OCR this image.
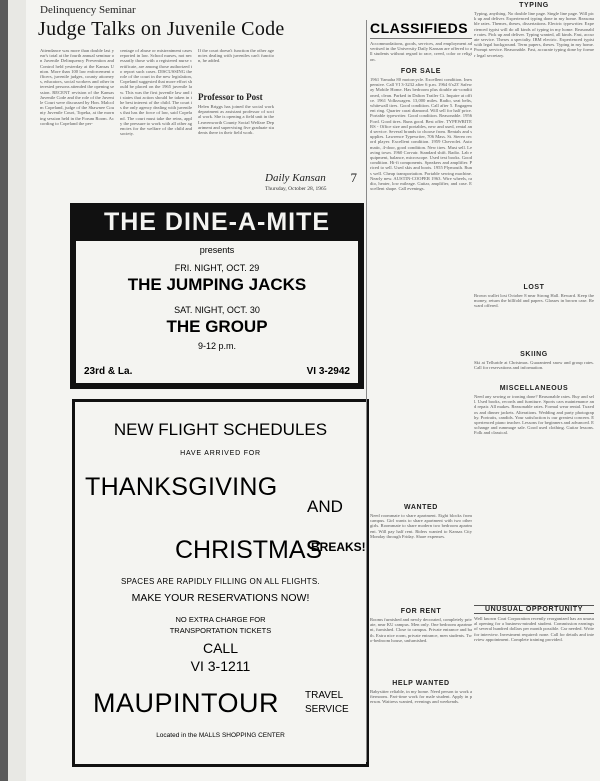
Delinquency Seminar
Judge Talks on Juvenile Code
Attendance was more than double last year's total at the fourth annual seminar on Juvenile Delinquency Prevention and Control held yesterday at the Kansas Union. More than 100 law enforcement officers, juvenile judges, county attorneys, educators, social workers and other interested persons attended the opening session. RECENT revision of the Kansas Juvenile Code and the role of the Juvenile Court were discussed by Hon. Malcolm Copeland, judge of the Shawnee County Juvenile Court, Topeka, at the morning session held in the Forum Room. According to Copeland the per-
centage of abuse or mistreatment cases reported in law. School nurses, not necessarily those with a registered nurse certificate, are among those authorized to report such cases. DISCUSSING the role of the court in the new legislation, Copeland suggested that more effort should be placed on the 1965 juvenile law. This was the first juvenile law and it states that action should be taken in the best interest of the child. The court is the only agency dealing with juveniles that has the force of law, said Copeland. The court must take the reins, apply the pressure to work with all other agencies for the welfare of the child and society.
If the court doesn't function the other agencies dealing with juveniles can't function, he added.
Professor to Post
Helen Briggs has joined the social work department as assistant professor of social work. She is opening a field unit in the Leavenworth County Social Welfare Department and supervising five graduate students there in their field work.
Daily Kansan	7
Thursday, October 28, 1965
THE DINE-A-MITE
presents
FRI. NIGHT, OCT. 29
THE JUMPING JACKS
SAT. NIGHT, OCT. 30
THE GROUP
9-12 p.m.
23rd & La.	VI 3-2942
NEW FLIGHT SCHEDULES
HAVE ARRIVED FOR
THANKSGIVING
AND
CHRISTMAS
BREAKS!
SPACES ARE RAPIDLY FILLING ON ALL FLIGHTS.
MAKE YOUR RESERVATIONS NOW!
NO EXTRA CHARGE FOR
TRANSPORTATION TICKETS
CALL
VI 3-1211
MAUPINTOUR	TRAVEL
SERVICE
Located in the MALLS SHOPPING CENTER
CLASSIFIEDS
Accommodations, goods, services, and employment advertised in the University Daily Kansan are offered to all students without regard to race, creed, color or religion.
FOR SALE
1961 Yamaha 80 motorcycle. Excellent condition. Inexpensive. Call VI 3-3232 after 6 p.m. 1964 6'x23' Safeway Mobile Home. Has bedroom plus double air-conditioned, clean. Parked in Dalton Trailer Ct. Inquire at office. 1961 Volkswagen. 13,000 miles. Radio, seat belts, whitewall tires. Good condition. Call after 5. Engagement ring. Quarter carat diamond. Will sell for half price. Portable typewriter. Good condition. Reasonable. 1956 Ford. Good tires. Runs good. Best offer. TYPEWRITERS - Office size and portables, new and used, rental and service. Several brands to choose from. Rentals and supplies. Lawrence Typewriter, 706 Mass. St. Stereo record player. Excellent condition. 1959 Chevrolet. Automatic, 4-door, good condition. New tires. Must sell. Leaving town. 1960 Corvair. Standard shift. Radio. Lab equipment, balance, microscope. Used text books. Good condition. Hi-fi components. Speakers and amplifier. Priced to sell. Used skis and boots. 1955 Plymouth. Runs well. Cheap transportation. Portable sewing machine. Nearly new. AUSTIN-COOPER 1963. Wire wheels, radio, heater, low mileage. Guitar, amplifier, and case. Excellent shape. Call evenings.
WANTED
Need roommate to share apartment. Eight blocks from campus. Girl wants to share apartment with two other girls. Roommate to share modern two bedroom apartment. Will pay half rent. Riders wanted to Kansas City Monday through Friday. Share expenses.
FOR RENT
Rooms furnished and newly decorated, completely private, near KU campus. Men only. One bedroom apartment, furnished. Close to campus. Private entrance and bath. Extra nice room, private entrance, men students. Two-bedroom house, unfurnished.
HELP WANTED
Babysitter reliable, in my home. Need person to work afternoons. Part-time work for male student. Apply in person. Waitress wanted, evenings and weekends.
TYPING
Typing, anything. No double line page. Single line page. Will pick up and deliver. Experienced typing done in my home. Reasonable rates. Themes, theses, dissertations. Electric typewriter. Experienced typist will do all kinds of typing in my home. Reasonable rates. Pick up and deliver. Typing wanted, all kinds. Fast, accurate service. Theses a specialty. IBM electric. Experienced typist with legal background. Term papers, theses. Typing in my home. Prompt service. Reasonable. Fast, accurate typing done by former legal secretary.
LOST
Brown wallet lost October 8 near Strong Hall. Reward. Keep the money, return the billfold and papers. Glasses in brown case. Reward offered.
SKIING
Ski at Telluride at Christmas. Guaranteed snow and group rates. Call for reservations and information.
MISCELLANEOUS
Need any sewing or ironing done? Reasonable rates. Buy and sell. Used books, records and furniture. Sports cars maintenance and repair. All makes. Reasonable rates. Formal wear rental. Tuxedos and dinner jackets. Alterations. Wedding and party photography. Portraits, candids. Your satisfaction is our greatest concern. Experienced piano teacher. Lessons for beginners and advanced. Exchange and rummage sale. Good used clothing. Guitar lessons. Folk and classical.
UNUSUAL OPPORTUNITY
Well known Coat Corporation recently reorganized has an unusual opening for a business-minded student. Commission earnings of several hundred dollars per month possible. Car needed. Write for interview. Investment required: none. Call for details and interview appointment. Complete training provided.
